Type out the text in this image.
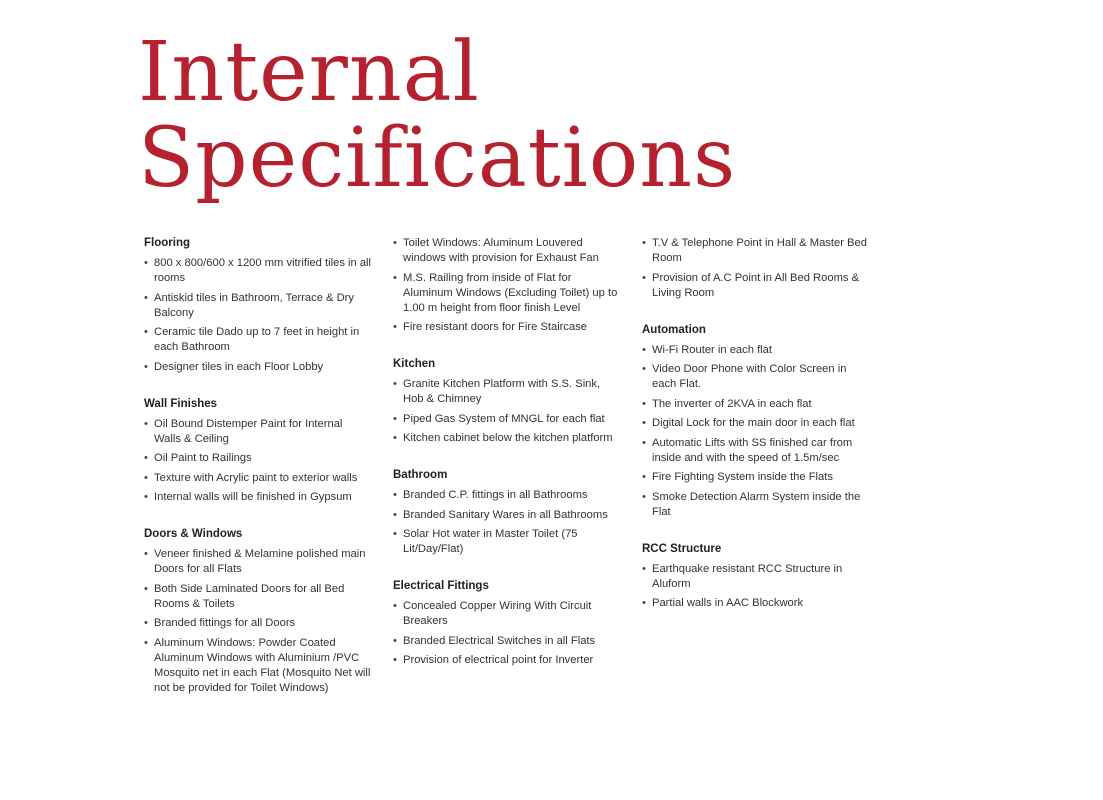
Internal
Specifications
Flooring
• 800 x 800/600 x 1200 mm vitrified tiles in all rooms
• Antiskid tiles in Bathroom, Terrace & Dry Balcony
• Ceramic tile Dado up to 7 feet in height in each Bathroom
• Designer tiles in each Floor Lobby
Wall Finishes
• Oil Bound Distemper Paint for Internal Walls & Ceiling
• Oil Paint to Railings
• Texture with Acrylic paint to exterior walls
• Internal walls will be finished in Gypsum
Doors & Windows
• Veneer finished & Melamine polished main Doors for all Flats
• Both Side Laminated Doors for all Bed Rooms & Toilets
• Branded fittings for all Doors
• Aluminum Windows: Powder Coated Aluminum Windows with Aluminium /PVC Mosquito net in each Flat (Mosquito Net will not be provided for Toilet Windows)
• Toilet Windows: Aluminum Louvered windows with provision for Exhaust Fan
• M.S. Railing from inside of Flat for Aluminum Windows (Excluding Toilet) up to 1.00 m height from floor finish Level
• Fire resistant doors for Fire Staircase
Kitchen
• Granite Kitchen Platform with S.S. Sink, Hob & Chimney
• Piped Gas System of MNGL for each flat
• Kitchen cabinet below the kitchen platform
Bathroom
• Branded C.P. fittings in all Bathrooms
• Branded Sanitary Wares in all Bathrooms
• Solar Hot water in Master Toilet (75 Lit/Day/Flat)
Electrical Fittings
• Concealed Copper Wiring With Circuit Breakers
• Branded Electrical Switches in all Flats
• Provision of electrical point for Inverter
• T.V & Telephone Point in Hall & Master Bed Room
• Provision of A.C Point in All Bed Rooms & Living Room
Automation
• Wi-Fi Router in each flat
• Video Door Phone with Color Screen in each Flat.
• The inverter of 2KVA in each flat
• Digital Lock for the main door in each flat
• Automatic Lifts with SS finished car from inside and with the speed of 1.5m/sec
• Fire Fighting System inside the Flats
• Smoke Detection Alarm System inside the Flat
RCC Structure
• Earthquake resistant RCC Structure in Aluform
• Partial walls in AAC Blockwork
